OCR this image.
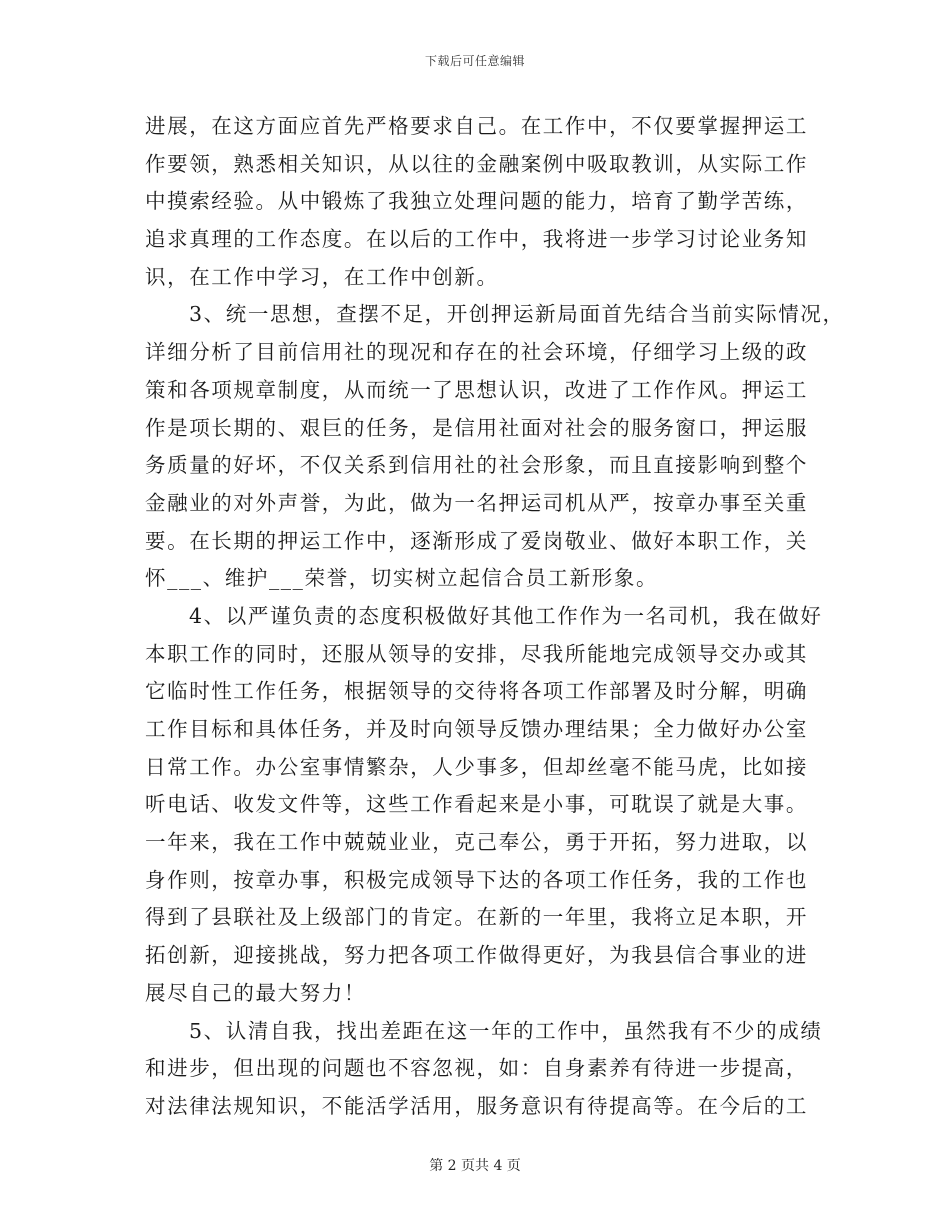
下载后可任意编辑
进展，在这方面应首先严格要求自己。在工作中，不仅要掌握押运工
作要领，熟悉相关知识，从以往的金融案例中吸取教训，从实际工作
中摸索经验。从中锻炼了我独立处理问题的能力，培育了勤学苦练，
追求真理的工作态度。在以后的工作中，我将进一步学习讨论业务知
识，在工作中学习，在工作中创新。
3、统一思想，查摆不足，开创押运新局面首先结合当前实际情况，
详细分析了目前信用社的现况和存在的社会环境，仔细学习上级的政
策和各项规章制度，从而统一了思想认识，改进了工作作风。押运工
作是项长期的、艰巨的任务，是信用社面对社会的服务窗口，押运服
务质量的好坏，不仅关系到信用社的社会形象，而且直接影响到整个
金融业的对外声誉，为此，做为一名押运司机从严，按章办事至关重
要。在长期的押运工作中，逐渐形成了爱岗敬业、做好本职工作，关
怀___、维护___荣誉，切实树立起信合员工新形象。
4、以严谨负责的态度积极做好其他工作作为一名司机，我在做好
本职工作的同时，还服从领导的安排，尽我所能地完成领导交办或其
它临时性工作任务，根据领导的交待将各项工作部署及时分解，明确
工作目标和具体任务，并及时向领导反馈办理结果；全力做好办公室
日常工作。办公室事情繁杂，人少事多，但却丝毫不能马虎，比如接
听电话、收发文件等，这些工作看起来是小事，可耽误了就是大事。
一年来，我在工作中兢兢业业，克己奉公，勇于开拓，努力进取，以
身作则，按章办事，积极完成领导下达的各项工作任务，我的工作也
得到了县联社及上级部门的肯定。在新的一年里，我将立足本职，开
拓创新，迎接挑战，努力把各项工作做得更好，为我县信合事业的进
展尽自己的最大努力！
5、认清自我，找出差距在这一年的工作中，虽然我有不少的成绩
和进步，但出现的问题也不容忽视，如：自身素养有待进一步提高，
对法律法规知识，不能活学活用，服务意识有待提高等。在今后的工
第 2 页共 4 页
